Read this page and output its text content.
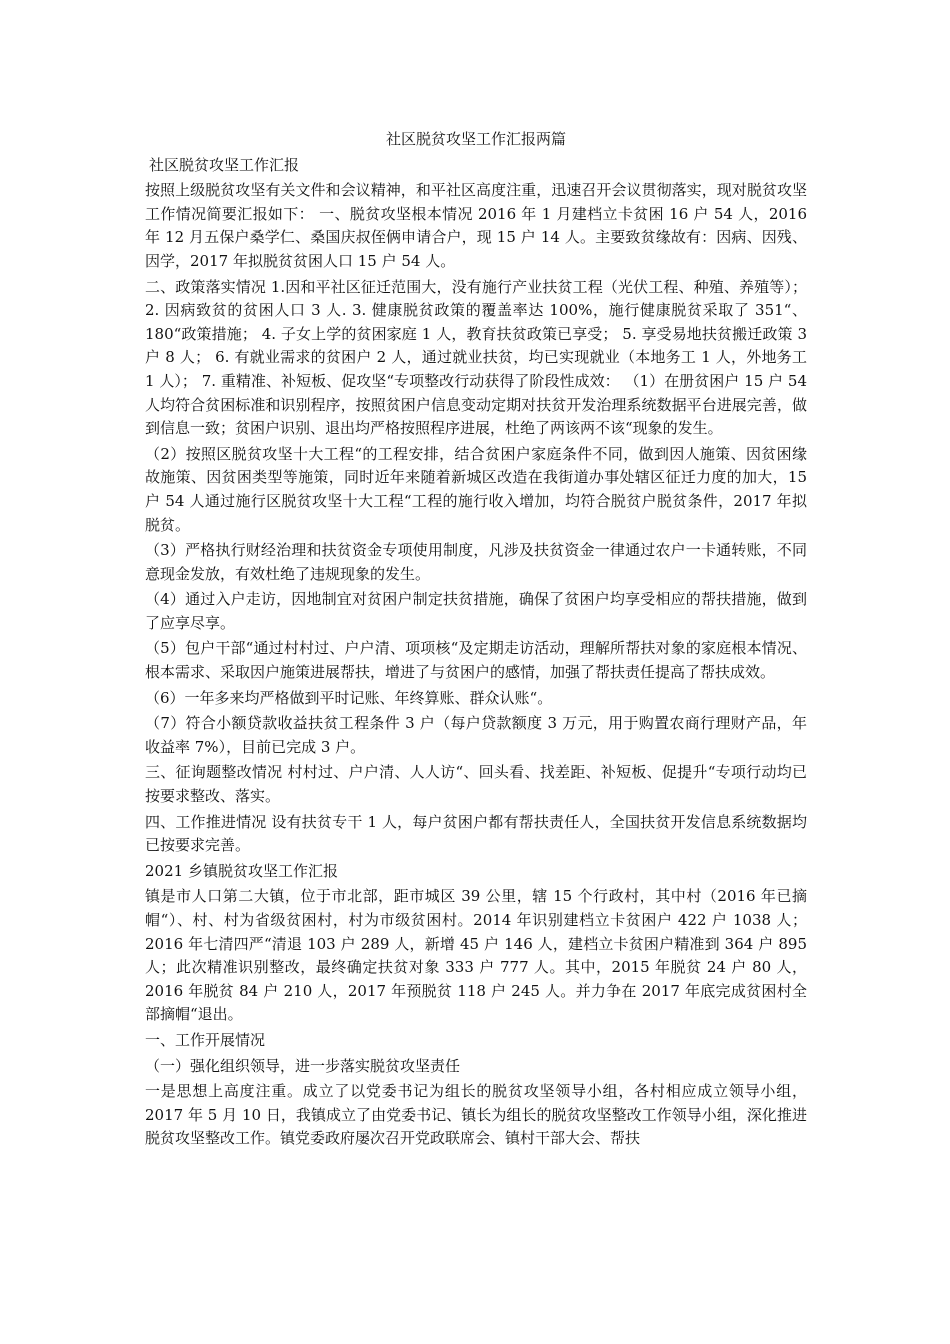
社区脱贫攻坚工作汇报两篇
社区脱贫攻坚工作汇报
按照上级脱贫攻坚有关文件和会议精神，和平社区高度注重，迅速召开会议贯彻落实，现对脱贫攻坚工作情况简要汇报如下： 一、脱贫攻坚根本情况 2016 年 1 月建档立卡贫困 16 户 54 人，2016 年 12 月五保户桑学仁、桑国庆叔侄俩申请合户，现 15 户 14 人。主要致贫缘故有：因病、因残、因学，2017 年拟脱贫贫困人口 15 户 54 人。
二、政策落实情况 1.因和平社区征迁范围大，没有施行产业扶贫工程（光伏工程、种殖、养殖等）； 2. 因病致贫的贫困人口 3 人. 3. 健康脱贫政策的覆盖率达 100%，施行健康脱贫采取了 351“、180“政策措施； 4. 子女上学的贫困家庭 1 人，教育扶贫政策已享受； 5. 享受易地扶贫搬迁政策 3 户 8 人； 6. 有就业需求的贫困户 2 人，通过就业扶贫，均已实现就业（本地务工 1 人，外地务工 1 人）； 7. 重精准、补短板、促攻坚“专项整改行动获得了阶段性成效： （1）在册贫困户 15 户 54 人均符合贫困标准和识别程序，按照贫困户信息变动定期对扶贫开发治理系统数据平台进展完善，做到信息一致；贫困户识别、退出均严格按照程序进展，杜绝了两该两不该“现象的发生。
（2）按照区脱贫攻坚十大工程“的工程安排，结合贫困户家庭条件不同，做到因人施策、因贫困缘故施策、因贫困类型等施策，同时近年来随着新城区改造在我街道办事处辖区征迁力度的加大，15 户 54 人通过施行区脱贫攻坚十大工程“工程的施行收入增加，均符合脱贫户脱贫条件，2017 年拟脱贫。
（3）严格执行财经治理和扶贫资金专项使用制度，凡涉及扶贫资金一律通过农户一卡通转账，不同意现金发放，有效杜绝了违规现象的发生。
（4）通过入户走访，因地制宜对贫困户制定扶贫措施，确保了贫困户均享受相应的帮扶措施，做到了应享尽享。
（5）包户干部“通过村村过、户户清、项项核“及定期走访活动，理解所帮扶对象的家庭根本情况、根本需求、采取因户施策进展帮扶，增进了与贫困户的感情，加强了帮扶责任提高了帮扶成效。
（6）一年多来均严格做到平时记账、年终算账、群众认账“。
（7）符合小额贷款收益扶贫工程条件 3 户（每户贷款额度 3 万元，用于购置农商行理财产品，年收益率 7%），目前已完成 3 户。
三、征询题整改情况 村村过、户户清、人人访“、回头看、找差距、补短板、促提升“专项行动均已按要求整改、落实。
四、工作推进情况 设有扶贫专干 1 人，每户贫困户都有帮扶责任人，全国扶贫开发信息系统数据均已按要求完善。
2021 乡镇脱贫攻坚工作汇报
镇是市人口第二大镇，位于市北部，距市城区 39 公里，辖 15 个行政村，其中村（2016 年已摘帽“）、村、村为省级贫困村，村为市级贫困村。2014 年识别建档立卡贫困户 422 户 1038 人；2016 年七清四严“清退 103 户 289 人，新增 45 户 146 人，建档立卡贫困户精准到 364 户 895 人；此次精准识别整改，最终确定扶贫对象 333 户 777 人。其中，2015 年脱贫 24 户 80 人，2016 年脱贫 84 户 210 人，2017 年预脱贫 118 户 245 人。并力争在 2017 年底完成贫困村全部摘帽“退出。
一、工作开展情况
（一）强化组织领导，进一步落实脱贫攻坚责任
一是思想上高度注重。成立了以党委书记为组长的脱贫攻坚领导小组，各村相应成立领导小组，2017 年 5 月 10 日，我镇成立了由党委书记、镇长为组长的脱贫攻坚整改工作领导小组，深化推进脱贫攻坚整改工作。镇党委政府屡次召开党政联席会、镇村干部大会、帮扶
